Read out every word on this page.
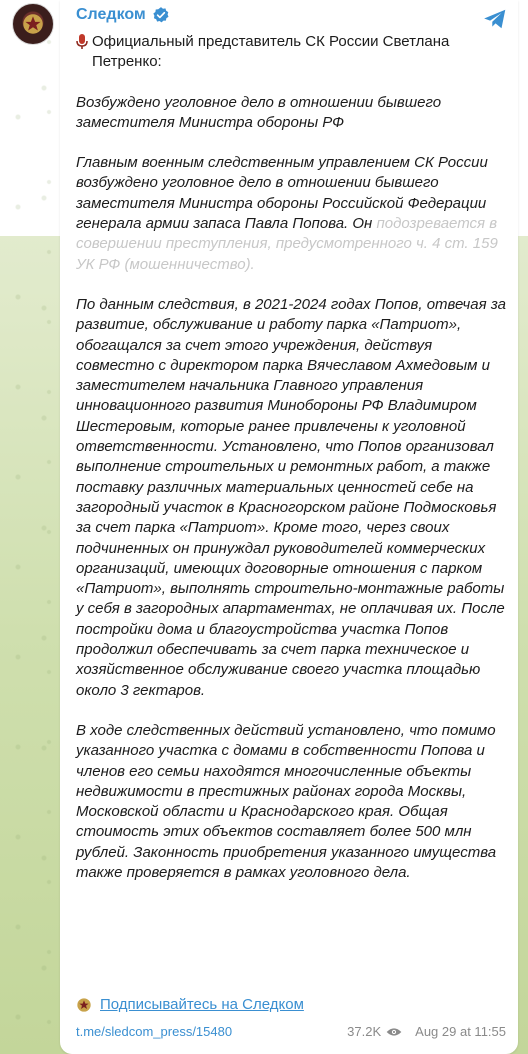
Следком
Официальный представитель СК России Светлана Петренко:

Возбуждено уголовное дело в отношении бывшего заместителя Министра обороны РФ

Главным военным следственным управлением СК России возбуждено уголовное дело в отношении бывшего заместителя Министра обороны Российской Федерации генерала армии запаса Павла Попова. Он подозревается в совершении преступления, предусмотренного ч. 4 ст. 159 УК РФ (мошенничество).

По данным следствия, в 2021-2024 годах Попов, отвечая за развитие, обслуживание и работу парка «Патриот», обогащался за счет этого учреждения, действуя совместно с директором парка Вячеславом Ахмедовым и заместителем начальника Главного управления инновационного развития Минобороны РФ Владимиром Шестеровым, которые ранее привлечены к уголовной ответственности. Установлено, что Попов организовал выполнение строительных и ремонтных работ, а также поставку различных материальных ценностей себе на загородный участок в Красногорском районе Подмосковья за счет парка «Патриот». Кроме того, через своих подчиненных он принуждал руководителей коммерческих организаций, имеющих договорные отношения с парком «Патриот», выполнять строительно-монтажные работы у себя в загородных апартаментах, не оплачивая их. После постройки дома и благоустройства участка Попов продолжил обеспечивать за счет парка техническое и хозяйственное обслуживание своего участка площадью около 3 гектаров.

В ходе следственных действий установлено, что помимо указанного участка с домами в собственности Попова и членов его семьи находятся многочисленные объекты недвижимости в престижных районах города Москвы, Московской области и Краснодарского края. Общая стоимость этих объектов составляет более 500 млн рублей. Законность приобретения указанного имущества также проверяется в рамках уголовного дела.

Подписывайтесь на Следком
t.me/sledcom_press/15480	37.2K	Aug 29 at 11:55
